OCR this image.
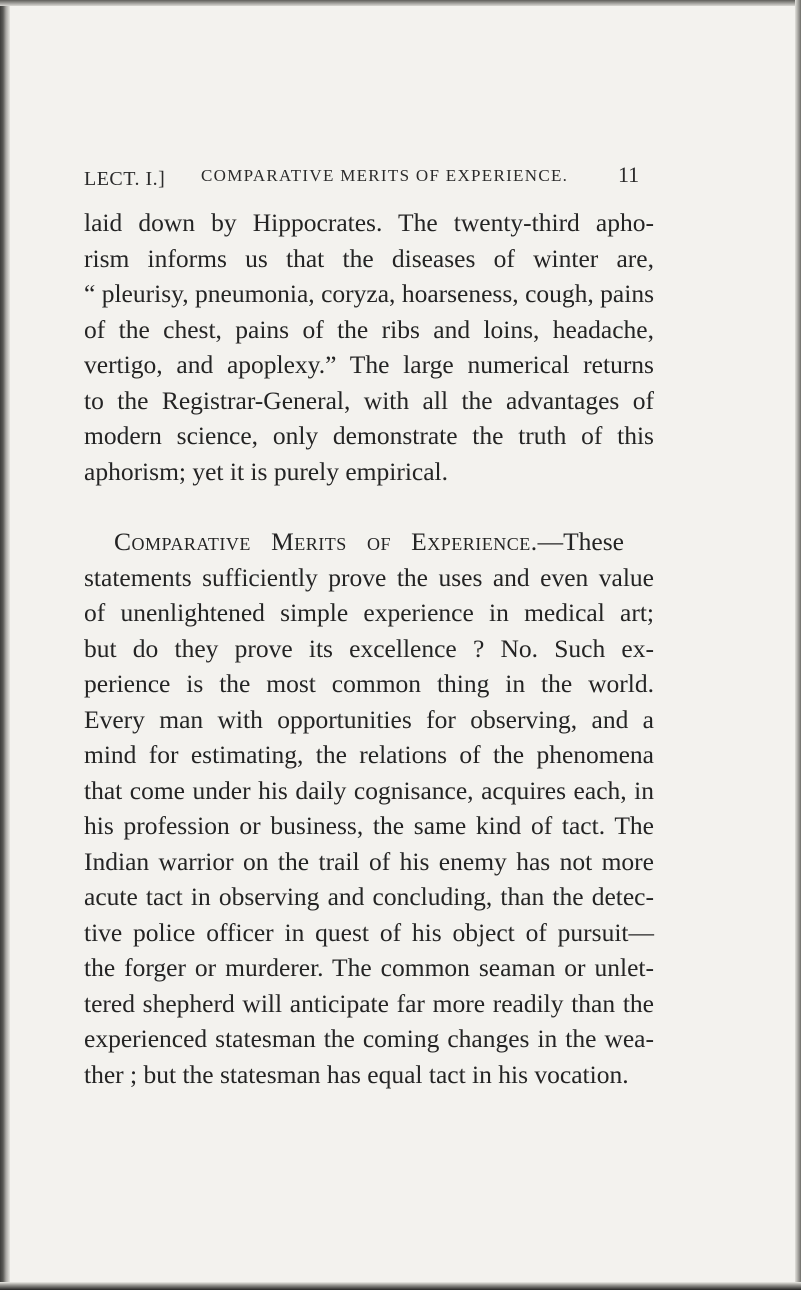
LECT. I.] COMPARATIVE MERITS OF EXPERIENCE. 11
laid down by Hippocrates. The twenty-third apho-
rism informs us that the diseases of winter are,
“ pleurisy, pneumonia, coryza, hoarseness, cough, pains
of the chest, pains of the ribs and loins, headache,
vertigo, and apoplexy.” The large numerical returns
to the Registrar-General, with all the advantages of
modern science, only demonstrate the truth of this
aphorism; yet it is purely empirical.
Comparative Merits of Experience.—These
statements sufficiently prove the uses and even value
of unenlightened simple experience in medical art;
but do they prove its excellence ? No. Such ex-
perience is the most common thing in the world.
Every man with opportunities for observing, and a
mind for estimating, the relations of the phenomena
that come under his daily cognisance, acquires each, in
his profession or business, the same kind of tact. The
Indian warrior on the trail of his enemy has not more
acute tact in observing and concluding, than the detec-
tive police officer in quest of his object of pursuit—
the forger or murderer. The common seaman or unlet-
tered shepherd will anticipate far more readily than the
experienced statesman the coming changes in the wea-
ther ; but the statesman has equal tact in his vocation.
